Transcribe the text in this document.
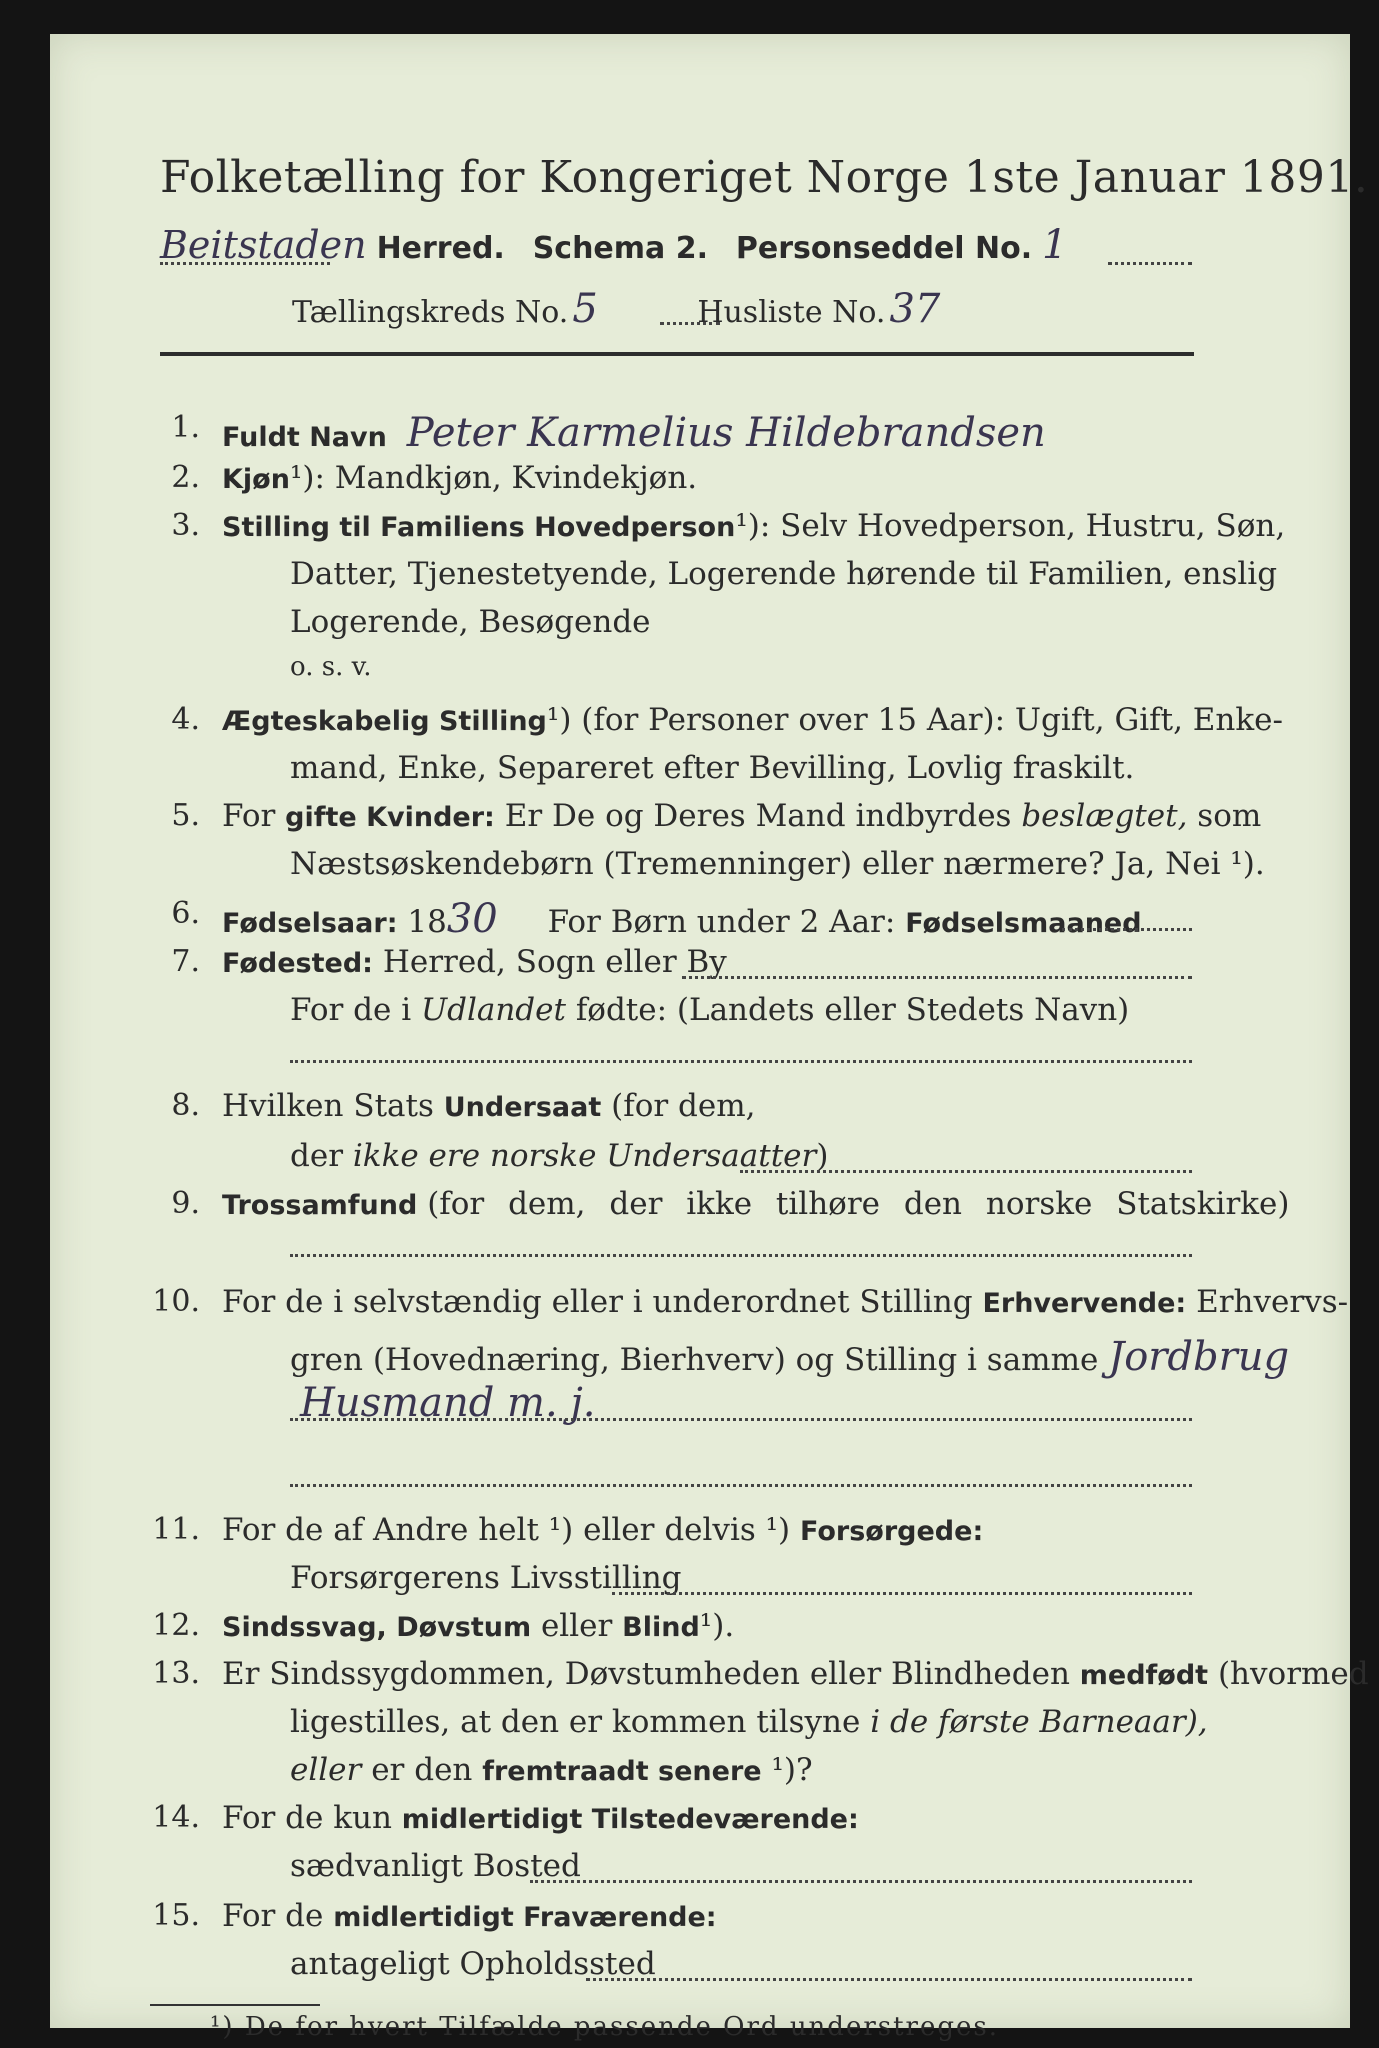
Folketælling for Kongeriget Norge 1ste Januar 1891.
Beitstaden Herred. Schema 2. Personseddel No. 1
Tællingskreds No. 5	Husliste No. 37
1. Fuldt Navn Peter Karmelius Hildebrandsen
2. Kjøn¹): Mandkjøn, Kvindekjøn.
3. Stilling til Familiens Hovedperson¹): Selv Hovedperson, Hustru, Søn,
Datter, Tjenestetyende, Logerende hørende til Familien, enslig
Logerende, Besøgende
o. s. v.
4. Ægteskabelig Stilling¹) (for Personer over 15 Aar): Ugift, Gift, Enke-
mand, Enke, Separeret efter Bevilling, Lovlig fraskilt.
5. For gifte Kvinder: Er De og Deres Mand indbyrdes beslægtet, som
Næstsøskendebørn (Tremenninger) eller nærmere? Ja, Nei ¹).
6. Fødselsaar: 1830 For Børn under 2 Aar: Fødselsmaaned
7. Fødested: Herred, Sogn eller By
For de i Udlandet fødte: (Landets eller Stedets Navn)
8. Hvilken Stats Undersaat (for dem,
der ikke ere norske Undersaatter)
9. Trossamfund (for dem, der ikke tilhøre den norske Statskirke)
10. For de i selvstændig eller i underordnet Stilling Erhvervende: Erhvervs-
gren (Hovednæring, Bierhverv) og Stilling i samme Jordbrug
Husmand m. j.
11. For de af Andre helt ¹) eller delvis ¹) Forsørgede:
Forsørgerens Livsstilling
12. Sindssvag, Døvstum eller Blind¹).
13. Er Sindssygdommen, Døvstumheden eller Blindheden medfødt (hvormed
ligestilles, at den er kommen tilsyne i de første Barneaar),
eller er den fremtraadt senere ¹)?
14. For de kun midlertidigt Tilstedeværende:
sædvanligt Bosted
15. For de midlertidigt Fraværende:
antageligt Opholdssted
¹) De for hvert Tilfælde passende Ord understreges.
